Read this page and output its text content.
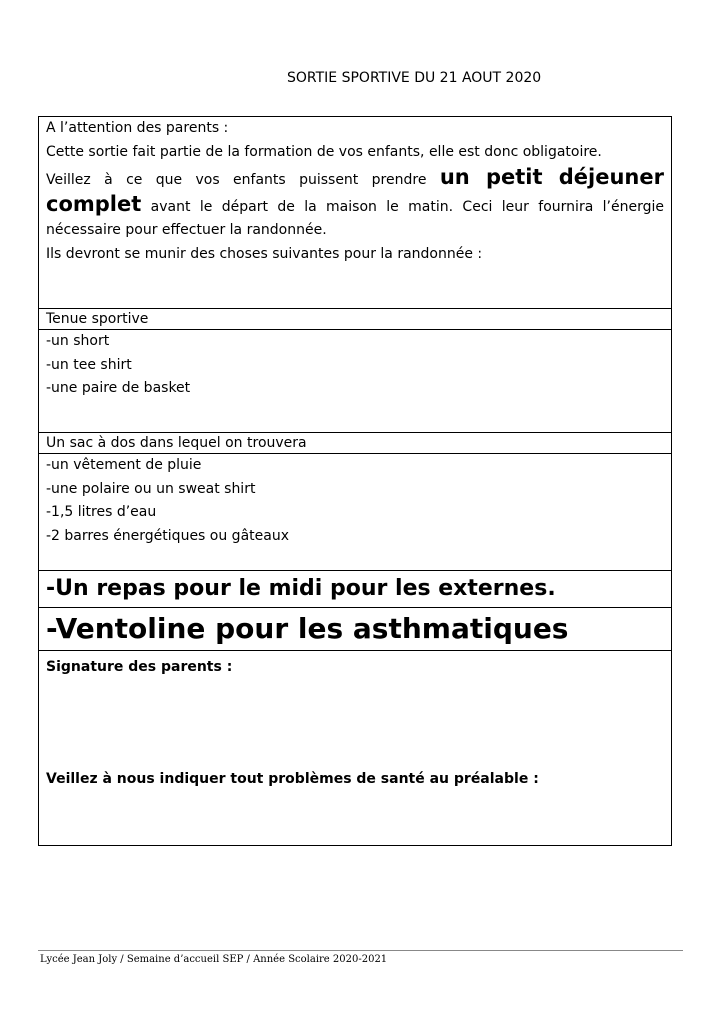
SORTIE SPORTIVE DU 21 AOUT 2020
A l’attention des parents :
Cette sortie fait partie de la formation de vos enfants, elle est donc obligatoire.
Veillez à ce que vos enfants puissent prendre un petit déjeuner complet avant le départ de la maison le matin. Ceci leur fournira l’énergie nécessaire pour effectuer la randonnée.
Ils devront se munir des choses suivantes pour la randonnée :

Tenue sportive

-un short
-un tee shirt
-une paire de basket

Un sac à dos dans lequel on trouvera

-un vêtement de pluie
-une polaire ou un sweat shirt
-1,5 litres d’eau
-2 barres énergétiques ou gâteaux

-Un repas pour le midi pour les externes.
-Ventoline pour les asthmatiques

Signature des parents :
Veillez à nous indiquer tout problèmes de santé au préalable :
Lycée Jean Joly / Semaine d’accueil SEP / Année Scolaire 2020-2021
